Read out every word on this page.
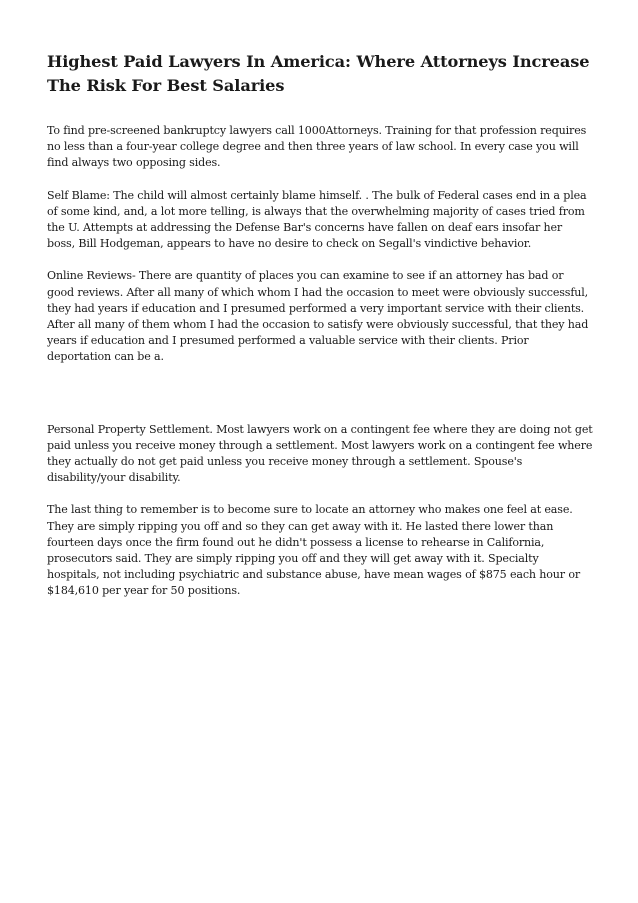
Highest Paid Lawyers In America: Where Attorneys Increase The Risk For Best Salaries

To find pre-screened bankruptcy lawyers call 1000Attorneys. Training for that profession requires no less than a four-year college degree and then three years of law school. In every case you will find always two opposing sides.

Self Blame: The child will almost certainly blame himself. . The bulk of Federal cases end in a plea of some kind, and, a lot more telling, is always that the overwhelming majority of cases tried from the U. Attempts at addressing the Defense Bar's concerns have fallen on deaf ears insofar her boss, Bill Hodgeman, appears to have no desire to check on Segall's vindictive behavior.

Online Reviews- There are quantity of places you can examine to see if an attorney has bad or good reviews. After all many of which whom I had the occasion to meet were obviously successful, they had years if education and I presumed performed a very important service with their clients. After all many of them whom I had the occasion to satisfy were obviously successful, that they had years if education and I presumed performed a valuable service with their clients. Prior deportation can be a.

Personal Property Settlement. Most lawyers work on a contingent fee where they are doing not get paid unless you receive money through a settlement. Most lawyers work on a contingent fee where they actually do not get paid unless you receive money through a settlement. Spouse's disability/your disability.

The last thing to remember is to become sure to locate an attorney who makes one feel at ease. They are simply ripping you off and so they can get away with it. He lasted there lower than fourteen days once the firm found out he didn't possess a license to rehearse in California, prosecutors said. They are simply ripping you off and they will get away with it. Specialty hospitals, not including psychiatric and substance abuse, have mean wages of $875 each hour or $184,610 per year for 50 positions.
